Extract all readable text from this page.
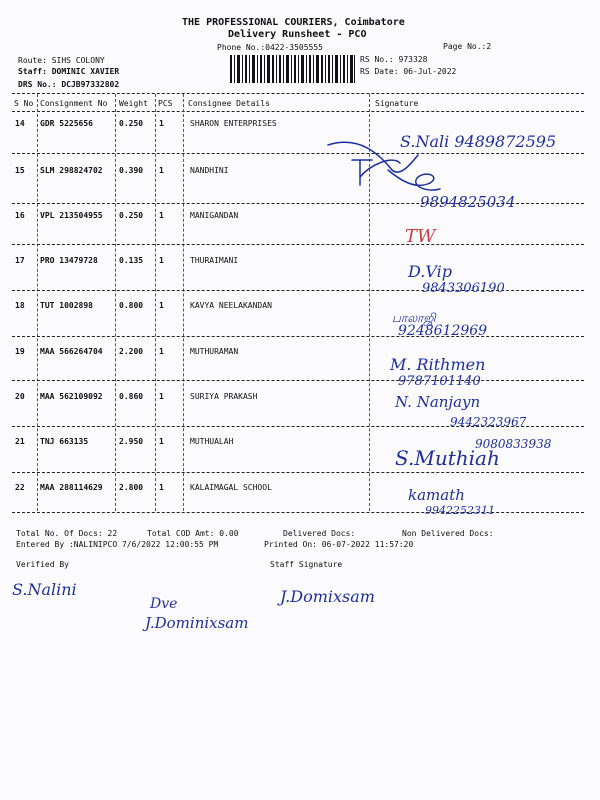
THE PROFESSIONAL COURIERS, Coimbatore
Delivery Runsheet - PCO
Phone No.:0422-3505555	Page No.:2
RS No.: 973328
RS Date: 06-Jul-2022
Route: SIHS COLONY
Staff: DOMINIC XAVIER
DRS No.: DCJB97332802
S No Consignment No Weight PCS Consignee Details	Signature
14 GDR 5225656	0.250 1	SHARON ENTERPRISES
15 SLM 298824702 0.390 1	NANDHINI
16 VPL 213504955 0.250 1	MANIGANDAN
17 PRO 13479728	0.135 1	THURAIMANI
18 TUT 1002898	0.800 1	KAVYA NEELAKANDAN
19 MAA 566264704 2.200 1	MUTHURAMAN
20 MAA 562109092 0.860 1	SURIYA PRAKASH
21 TNJ 663135	2.950 1	MUTHUALAH
22 MAA 288114629 2.800 1	KALAIMAGAL SCHOOL
S.Nali 9489872595
9894825034
TW
D.Vip
9843306190
பாலாஜி
9248612969
M. Rithmen
9787101140
N. Nanjayn
9442323967
9080833938
S.Muthiah
kamath
9942252311
Total No. Of Docs: 22	Total COD Amt: 0.00	Delivered Docs:	Non Delivered Docs:
Entered By :NALINIPCO 7/6/2022 12:00:55 PM	Printed On: 06-07-2022 11:57:20
Verified By	Staff Signature
S.Nalini
Dve
J.Dominixsam
J.Domixsam
